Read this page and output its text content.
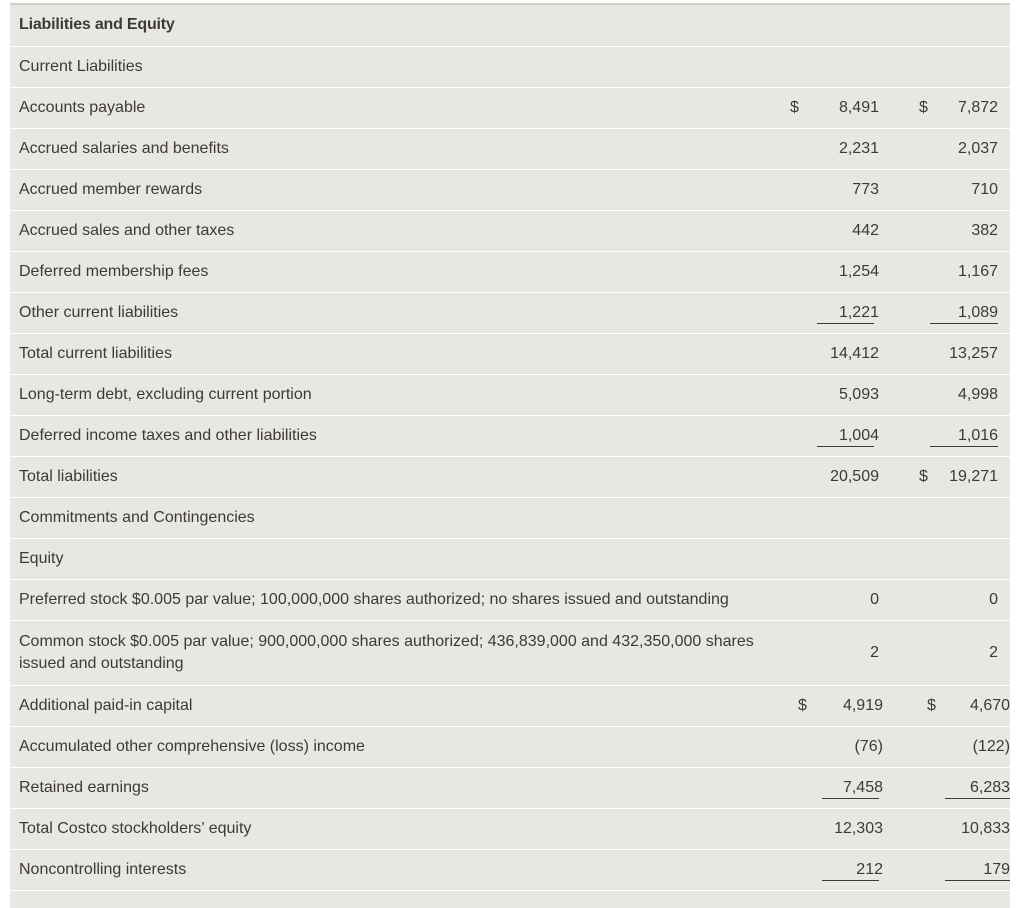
Liabilities and Equity		
Current Liabilities		
Accounts payable	$ 8,491	$ 7,872

Accrued salaries and benefits	2,231	2,037

Accrued member rewards	773	710

Accrued sales and other taxes	442	382

Deferred membership fees	1,254	1,167

Other current liabilities	1,221	1,089

Total current liabilities	14,412	13,257

Long-term debt, excluding current portion	5,093	4,998

Deferred income taxes and other liabilities	1,004	1,016

Total liabilities	20,509	$ 19,271

Commitments and Contingencies		
Equity		
Preferred stock $0.005 par value; 100,000,000 shares authorized; no shares issued and outstanding	0	0

Common stock $0.005 par value; 900,000,000 shares authorized; 436,839,000 and 432,350,000 shares issued and outstanding	2	2

Additional paid-in capital	$ 4,919	$ 4,670

Accumulated other comprehensive (loss) income	(76)	(122)

Retained earnings	7,458	6,283

Total Costco stockholders’ equity	12,303	10,833

Noncontrolling interests	212	179
